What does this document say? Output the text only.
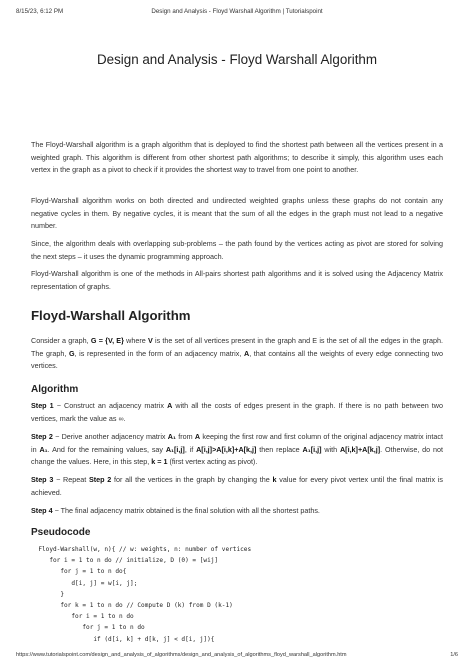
8/15/23, 6:12 PM	Design and Analysis - Floyd Warshall Algorithm | Tutorialspoint
Design and Analysis - Floyd Warshall Algorithm

The Floyd-Warshall algorithm is a graph algorithm that is deployed to find the shortest path between all the vertices present in a weighted graph. This algorithm is different from other shortest path algorithms; to describe it simply, this algorithm uses each vertex in the graph as a pivot to check if it provides the shortest way to travel from one point to another.

Floyd-Warshall algorithm works on both directed and undirected weighted graphs unless these graphs do not contain any negative cycles in them. By negative cycles, it is meant that the sum of all the edges in the graph must not lead to a negative number.

Since, the algorithm deals with overlapping sub-problems – the path found by the vertices acting as pivot are stored for solving the next steps – it uses the dynamic programming approach.

Floyd-Warshall algorithm is one of the methods in All-pairs shortest path algorithms and it is solved using the Adjacency Matrix representation of graphs.

Floyd-Warshall Algorithm

Consider a graph, G = {V, E} where V is the set of all vertices present in the graph and E is the set of all the edges in the graph. The graph, G, is represented in the form of an adjacency matrix, A, that contains all the weights of every edge connecting two vertices.

Algorithm

Step 1 − Construct an adjacency matrix A with all the costs of edges present in the graph. If there is no path between two vertices, mark the value as ∞.

Step 2 − Derive another adjacency matrix A₁ from A keeping the first row and first column of the original adjacency matrix intact in A₁. And for the remaining values, say A₁[i,j], if A[i,j]>A[i,k]+A[k,j] then replace A₁[i,j] with A[i,k]+A[k,j]. Otherwise, do not change the values. Here, in this step, k = 1 (first vertex acting as pivot).

Step 3 − Repeat Step 2 for all the vertices in the graph by changing the k value for every pivot vertex until the final matrix is achieved.

Step 4 − The final adjacency matrix obtained is the final solution with all the shortest paths.

Pseudocode
Floyd-Warshall(w, n){ // w: weights, n: number of vertices
for i = 1 to n do // initialize, D (0) = [wij]
for j = 1 to n do{
d[i, j] = w[i, j];
}
for k = 1 to n do // Compute D (k) from D (k-1)
for i = 1 to n do
for j = 1 to n do
if (d[i, k] + d[k, j] < d[i, j]){
https://www.tutorialspoint.com/design_and_analysis_of_algorithms/design_and_analysis_of_algorithms_floyd_warshall_algorithm.htm	1/6
